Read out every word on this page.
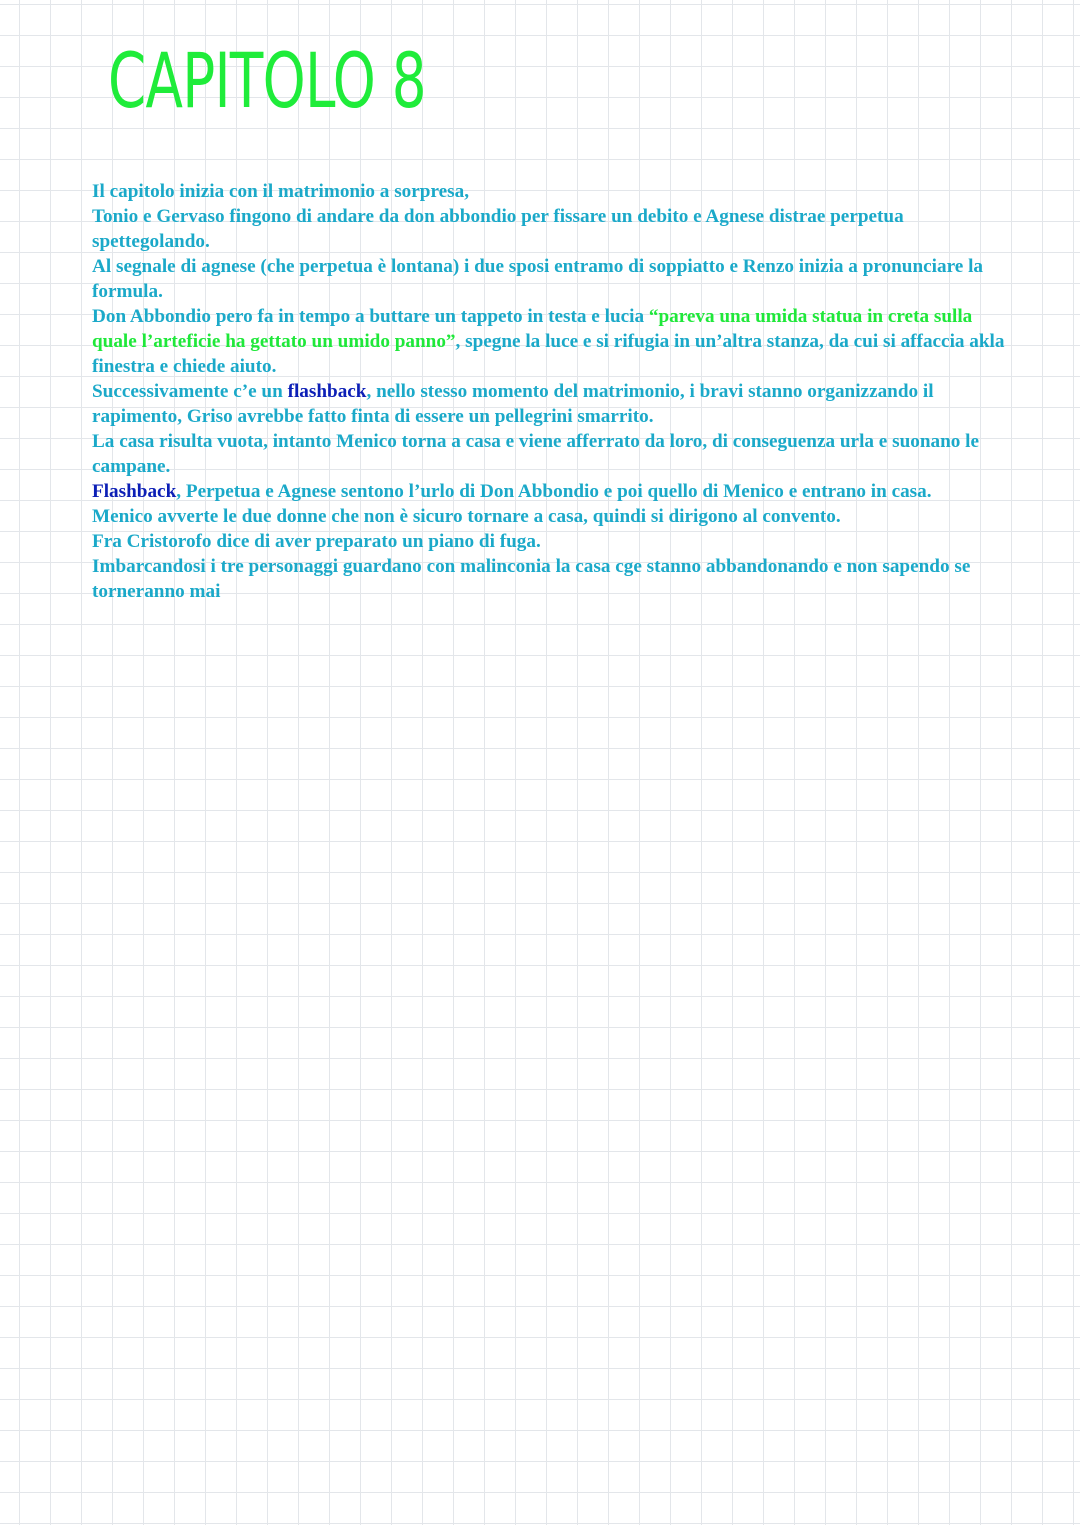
CAPITOLO 8

Il capitolo inizia con il matrimonio a sorpresa,

Tonio e Gervaso fingono di andare da don abbondio per fissare un debito e Agnese distrae perpetua spettegolando.

Al segnale di agnese (che perpetua è lontana) i due sposi entramo di soppiatto e Renzo inizia a pronunciare la formula.

Don Abbondio pero fa in tempo a buttare un tappeto in testa e lucia “pareva una umida statua in creta sulla quale l’arteficie ha gettato un umido panno”, spegne la luce e si rifugia in un’altra stanza, da cui si affaccia akla finestra e chiede aiuto.

Successivamente c’e un flashback, nello stesso momento del matrimonio, i bravi stanno organizzando il rapimento, Griso avrebbe fatto finta di essere un pellegrini smarrito.

La casa risulta vuota, intanto Menico torna a casa e viene afferrato da loro, di conseguenza urla e suonano le campane.

Flashback, Perpetua e Agnese sentono l’urlo di Don Abbondio e poi quello di Menico e entrano in casa.

Menico avverte le due donne che non è sicuro tornare a casa, quindi si dirigono al convento.

Fra Cristorofo dice di aver preparato un piano di fuga.

Imbarcandosi i tre personaggi guardano con malinconia la casa cge stanno abbandonando e non sapendo se torneranno mai
